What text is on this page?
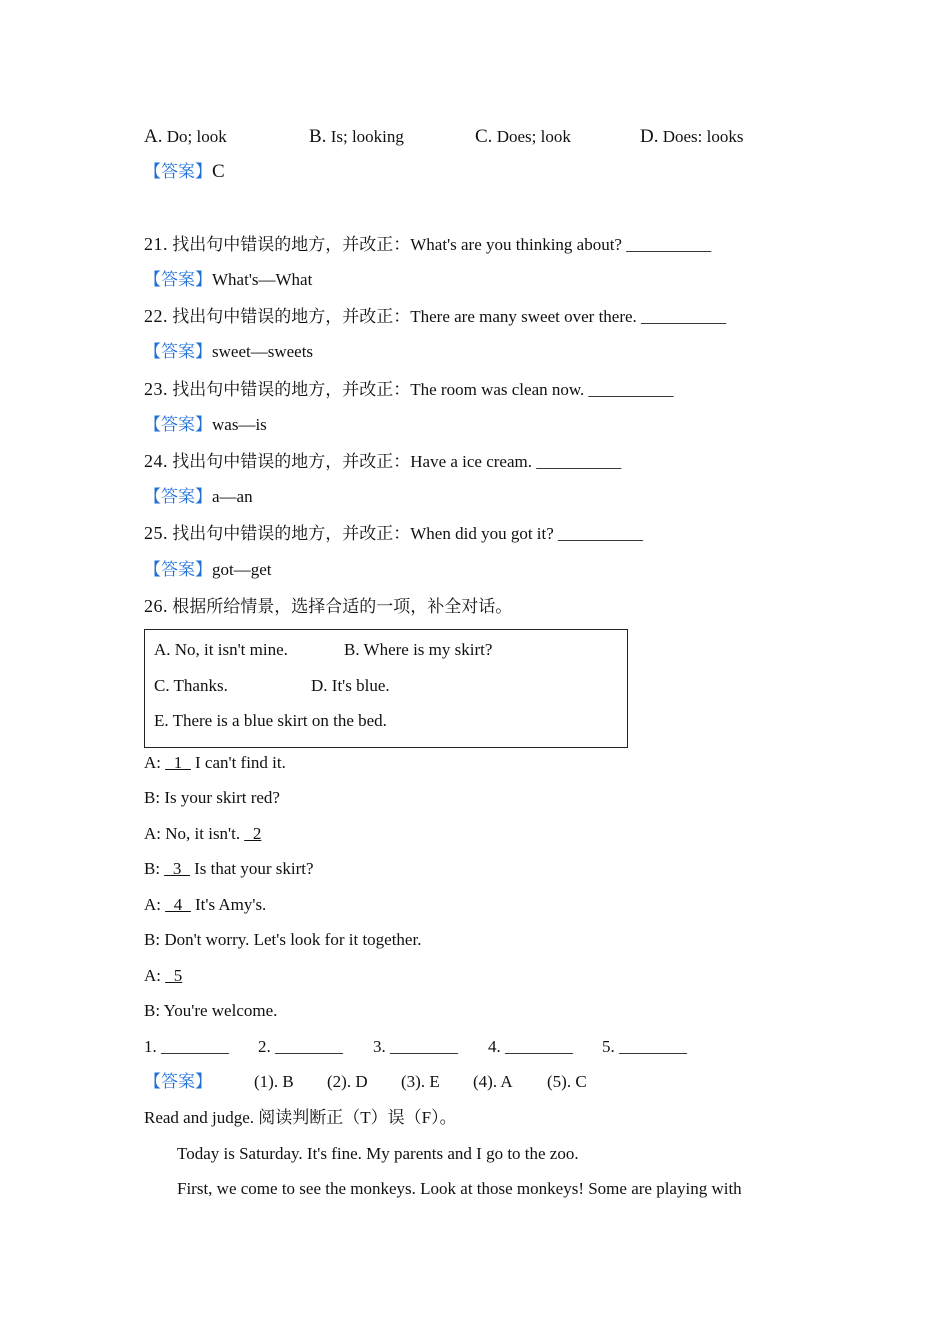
A. Do; look	B. Is; looking	C. Does; look	D. Does: looks
【答案】C
21. 找出句中错误的地方，并改正：What's are you thinking about? __________
【答案】What's—What
22. 找出句中错误的地方，并改正：There are many sweet over there. __________
【答案】sweet—sweets
23. 找出句中错误的地方，并改正：The room was clean now. __________
【答案】was—is
24. 找出句中错误的地方，并改正：Have a ice cream. __________
【答案】a—an
25. 找出句中错误的地方，并改正：When did you got it? __________
【答案】got—get
26. 根据所给情景，选择合适的一项，补全对话。
A. No, it isn't mine.	B. Where is my skirt?
C. Thanks.	D. It's blue.
E. There is a blue skirt on the bed.
A: _1_ I can't find it.
B: Is your skirt red?
A: No, it isn't. _2
B: _3_ Is that your skirt?
A: _4_ It's Amy's.
B: Don't worry. Let's look for it together.
A: _5
B: You're welcome.
1. ________ 2. ________ 3. ________ 4. ________ 5. ________
【答案】 (1). B (2). D (3). E (4). A (5). C
Read and judge. 阅读判断正（T）误（F）。
Today is Saturday. It's fine. My parents and I go to the zoo.
First, we come to see the monkeys. Look at those monkeys! Some are playing with
